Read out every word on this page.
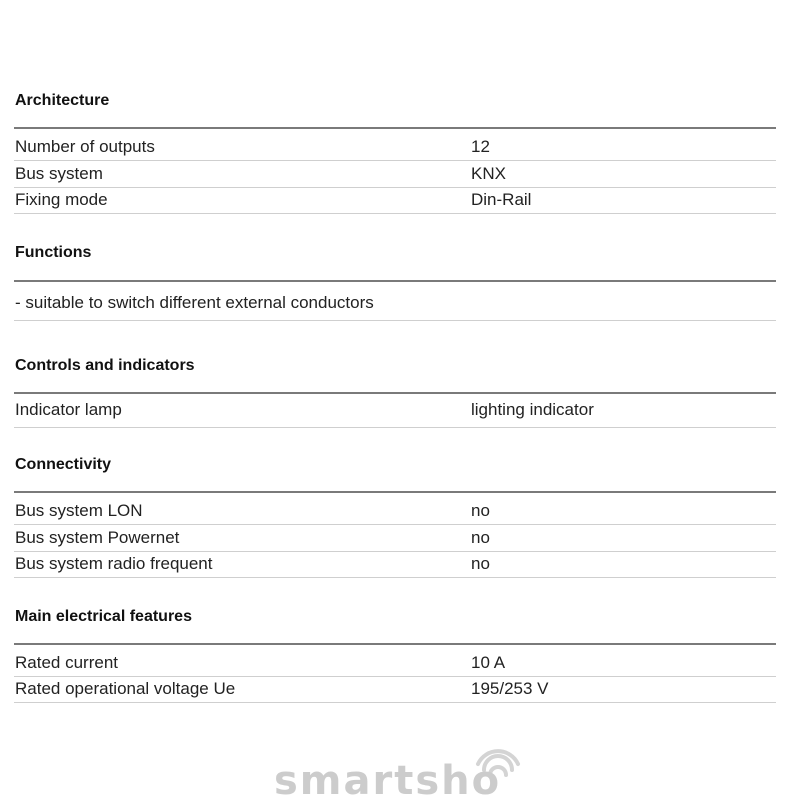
Architecture
Number of outputs	12
Bus system	KNX
Fixing mode	Din-Rail
Functions
- suitable to switch different external conductors
Controls and indicators
Indicator lamp	lighting indicator
Connectivity
Bus system LON	no
Bus system Powernet	no
Bus system radio frequent	no
Main electrical features
Rated current	10 A
Rated operational voltage Ue	195/253 V
smartsho
